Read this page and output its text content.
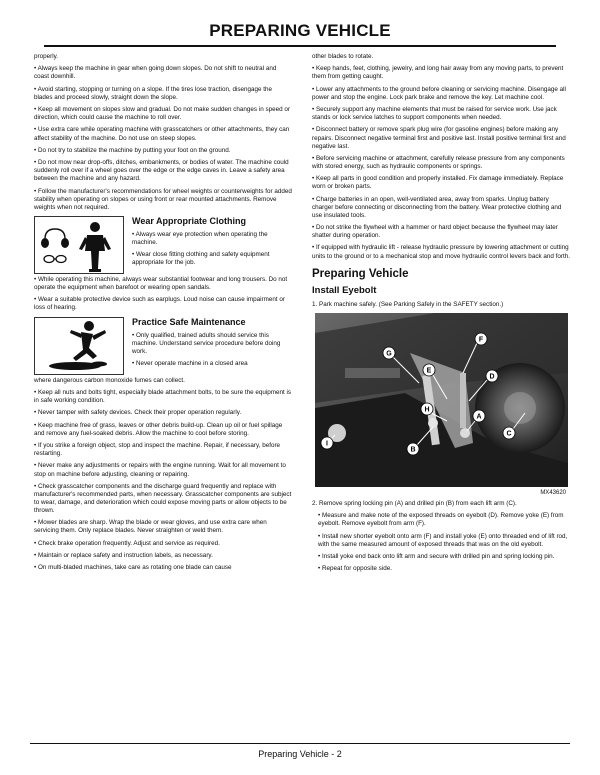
PREPARING VEHICLE
properly.
• Always keep the machine in gear when going down slopes. Do not shift to neutral and coast downhill.
• Avoid starting, stopping or turning on a slope. If the tires lose traction, disengage the blades and proceed slowly, straight down the slope.
• Keep all movement on slopes slow and gradual. Do not make sudden changes in speed or direction, which could cause the machine to roll over.
• Use extra care while operating machine with grasscatchers or other attachments, they can affect stability of the machine. Do not use on steep slopes.
• Do not try to stabilize the machine by putting your foot on the ground.
• Do not mow near drop-offs, ditches, embankments, or bodies of water. The machine could suddenly roll over if a wheel goes over the edge or the edge caves in. Leave a safety area between the machine and any hazard.
• Follow the manufacturer's recommendations for wheel weights or counterweights for added stability when operating on slopes or using front or rear mounted attachments. Remove weights when not required.
Wear Appropriate Clothing
• Always wear eye protection when operating the machine.
• Wear close fitting clothing and safety equipment appropriate for the job.
• While operating this machine, always wear substantial footwear and long trousers. Do not operate the equipment when barefoot or wearing open sandals.
• Wear a suitable protective device such as earplugs. Loud noise can cause impairment or loss of hearing.
Practice Safe Maintenance
• Only qualified, trained adults should service this machine. Understand service procedure before doing work.
• Never operate machine in a closed area
where dangerous carbon monoxide fumes can collect.
• Keep all nuts and bolts tight, especially blade attachment bolts, to be sure the equipment is in safe working condition.
• Never tamper with safety devices. Check their proper operation regularly.
• Keep machine free of grass, leaves or other debris build-up. Clean up oil or fuel spillage and remove any fuel-soaked debris. Allow the machine to cool before storing.
• If you strike a foreign object, stop and inspect the machine. Repair, if necessary, before restarting.
• Never make any adjustments or repairs with the engine running. Wait for all movement to stop on machine before adjusting, cleaning or repairing.
• Check grasscatcher components and the discharge guard frequently and replace with manufacturer's recommended parts, when necessary. Grasscatcher components are subject to wear, damage, and deterioration which could expose moving parts or allow objects to be thrown.
• Mower blades are sharp. Wrap the blade or wear gloves, and use extra care when servicing them. Only replace blades. Never straighten or weld them.
• Check brake operation frequently. Adjust and service as required.
• Maintain or replace safety and instruction labels, as necessary.
• On multi-bladed machines, take care as rotating one blade can cause
other blades to rotate.
• Keep hands, feet, clothing, jewelry, and long hair away from any moving parts, to prevent them from getting caught.
• Lower any attachments to the ground before cleaning or servicing machine. Disengage all power and stop the engine. Lock park brake and remove the key. Let machine cool.
• Securely support any machine elements that must be raised for service work. Use jack stands or lock service latches to support components when needed.
• Disconnect battery or remove spark plug wire (for gasoline engines) before making any repairs. Disconnect negative terminal first and positive last. Install positive terminal first and negative last.
• Before servicing machine or attachment, carefully release pressure from any components with stored energy, such as hydraulic components or springs.
• Keep all parts in good condition and properly installed. Fix damage immediately. Replace worn or broken parts.
• Charge batteries in an open, well-ventilated area, away from sparks. Unplug battery charger before connecting or disconnecting from the battery. Wear protective clothing and use insulated tools.
• Do not strike the flywheel with a hammer or hard object because the flywheel may later shatter during operation.
• If equipped with hydraulic lift - release hydraulic pressure by lowering attachment or cutting units to the ground or to a mechanical stop and move hydraulic control levers back and forth.
Preparing Vehicle
Install Eyebolt
1. Park machine safely. (See Parking Safely in the SAFETY section.)
F
G
E
D
H
A
C
I
B
MX43620
2. Remove spring locking pin (A) and drilled pin (B) from each lift arm (C).
• Measure and make note of the exposed threads on eyebolt (D). Remove yoke (E) from eyebolt. Remove eyebolt from arm (F).
• Install new shorter eyebolt onto arm (F) and install yoke (E) onto threaded end of lift rod, with the same measured amount of exposed threads that was on the old eyebolt.
• Install yoke end back onto lift arm and secure with drilled pin and spring locking pin.
• Repeat for opposite side.
Preparing Vehicle - 2
